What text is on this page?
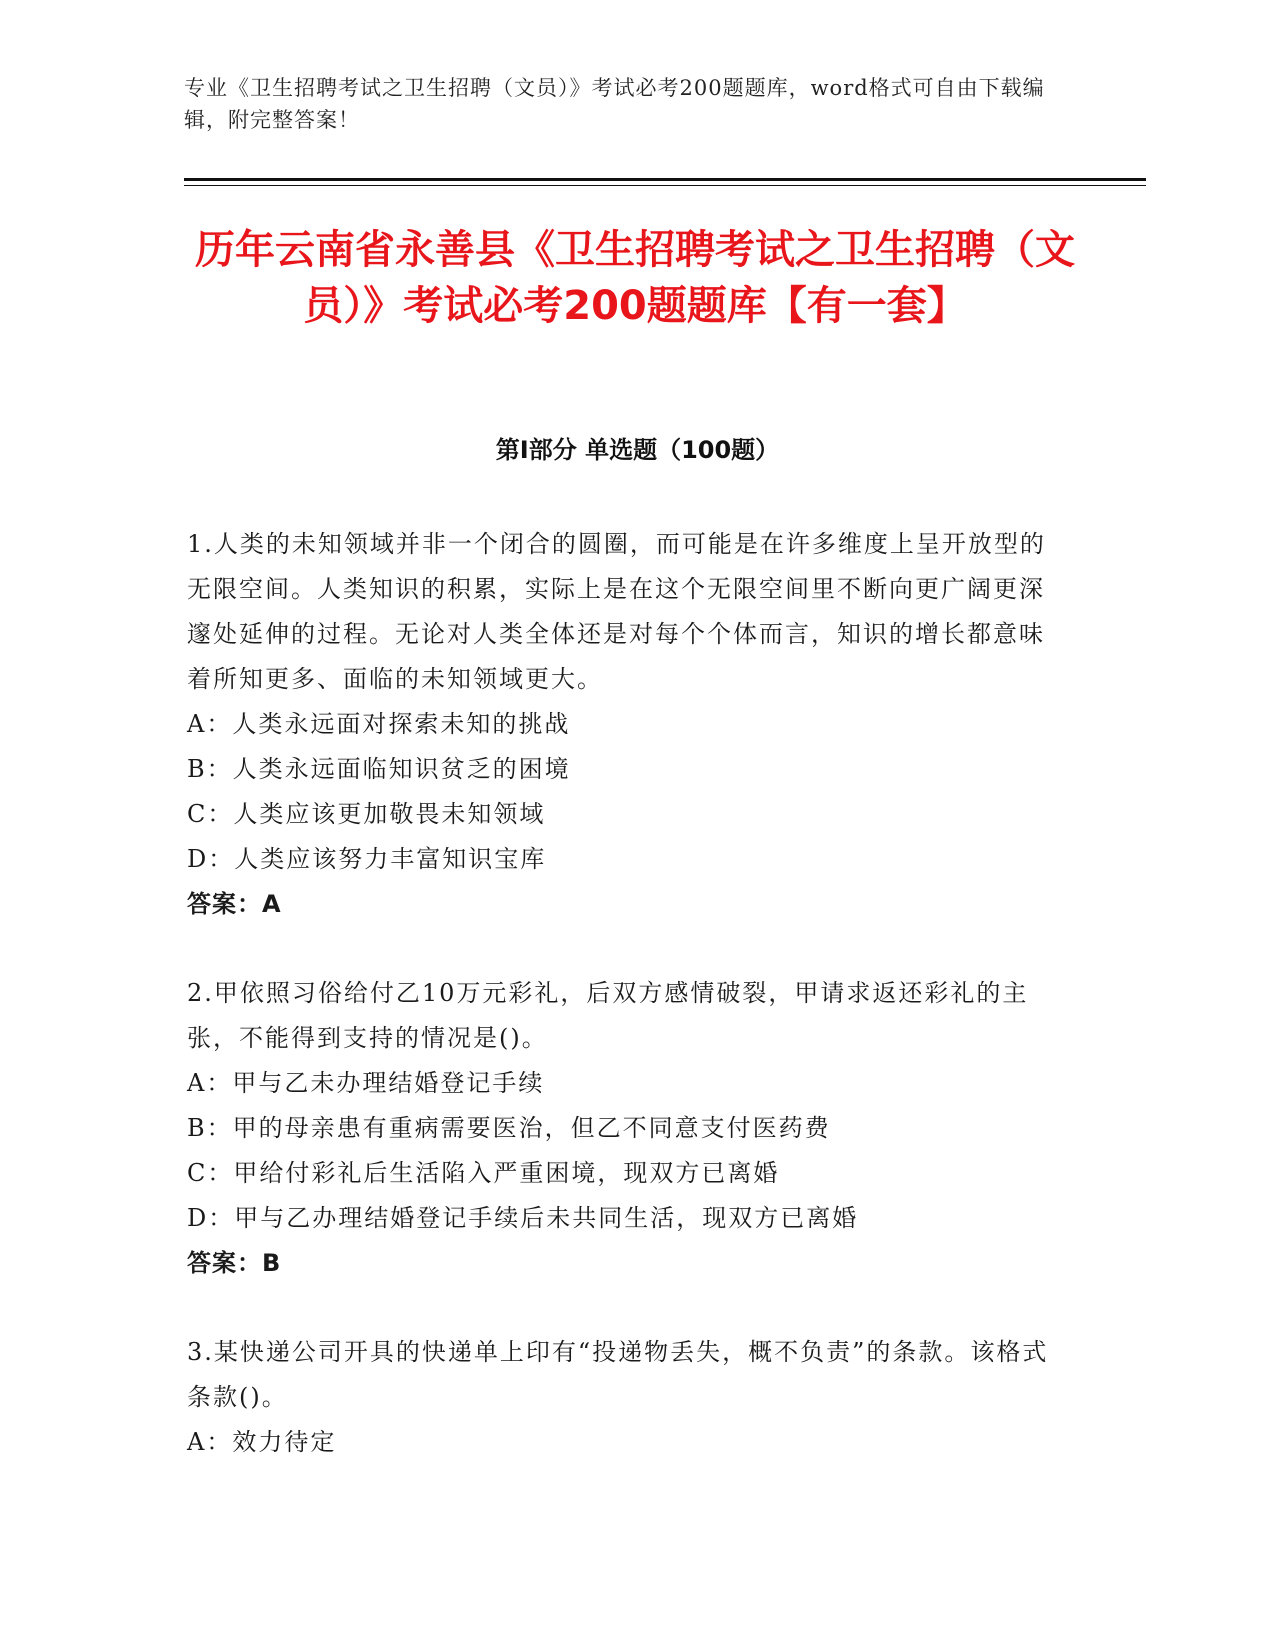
专业《卫生招聘考试之卫生招聘（文员）》考试必考200题题库，word格式可自由下载编辑，附完整答案！
历年云南省永善县《卫生招聘考试之卫生招聘（文员）》考试必考200题题库【有一套】
第I部分 单选题（100题）
1.人类的未知领域并非一个闭合的圆圈，而可能是在许多维度上呈开放型的无限空间。人类知识的积累，实际上是在这个无限空间里不断向更广阔更深邃处延伸的过程。无论对人类全体还是对每个个体而言，知识的增长都意味着所知更多、面临的未知领域更大。
A：人类永远面对探索未知的挑战
B：人类永远面临知识贫乏的困境
C：人类应该更加敬畏未知领域
D：人类应该努力丰富知识宝库
答案：A
2.甲依照习俗给付乙10万元彩礼，后双方感情破裂，甲请求返还彩礼的主张，不能得到支持的情况是()。
A：甲与乙未办理结婚登记手续
B：甲的母亲患有重病需要医治，但乙不同意支付医药费
C：甲给付彩礼后生活陷入严重困境，现双方已离婚
D：甲与乙办理结婚登记手续后未共同生活，现双方已离婚
答案：B
3.某快递公司开具的快递单上印有“投递物丢失，概不负责”的条款。该格式条款()。
A：效力待定
